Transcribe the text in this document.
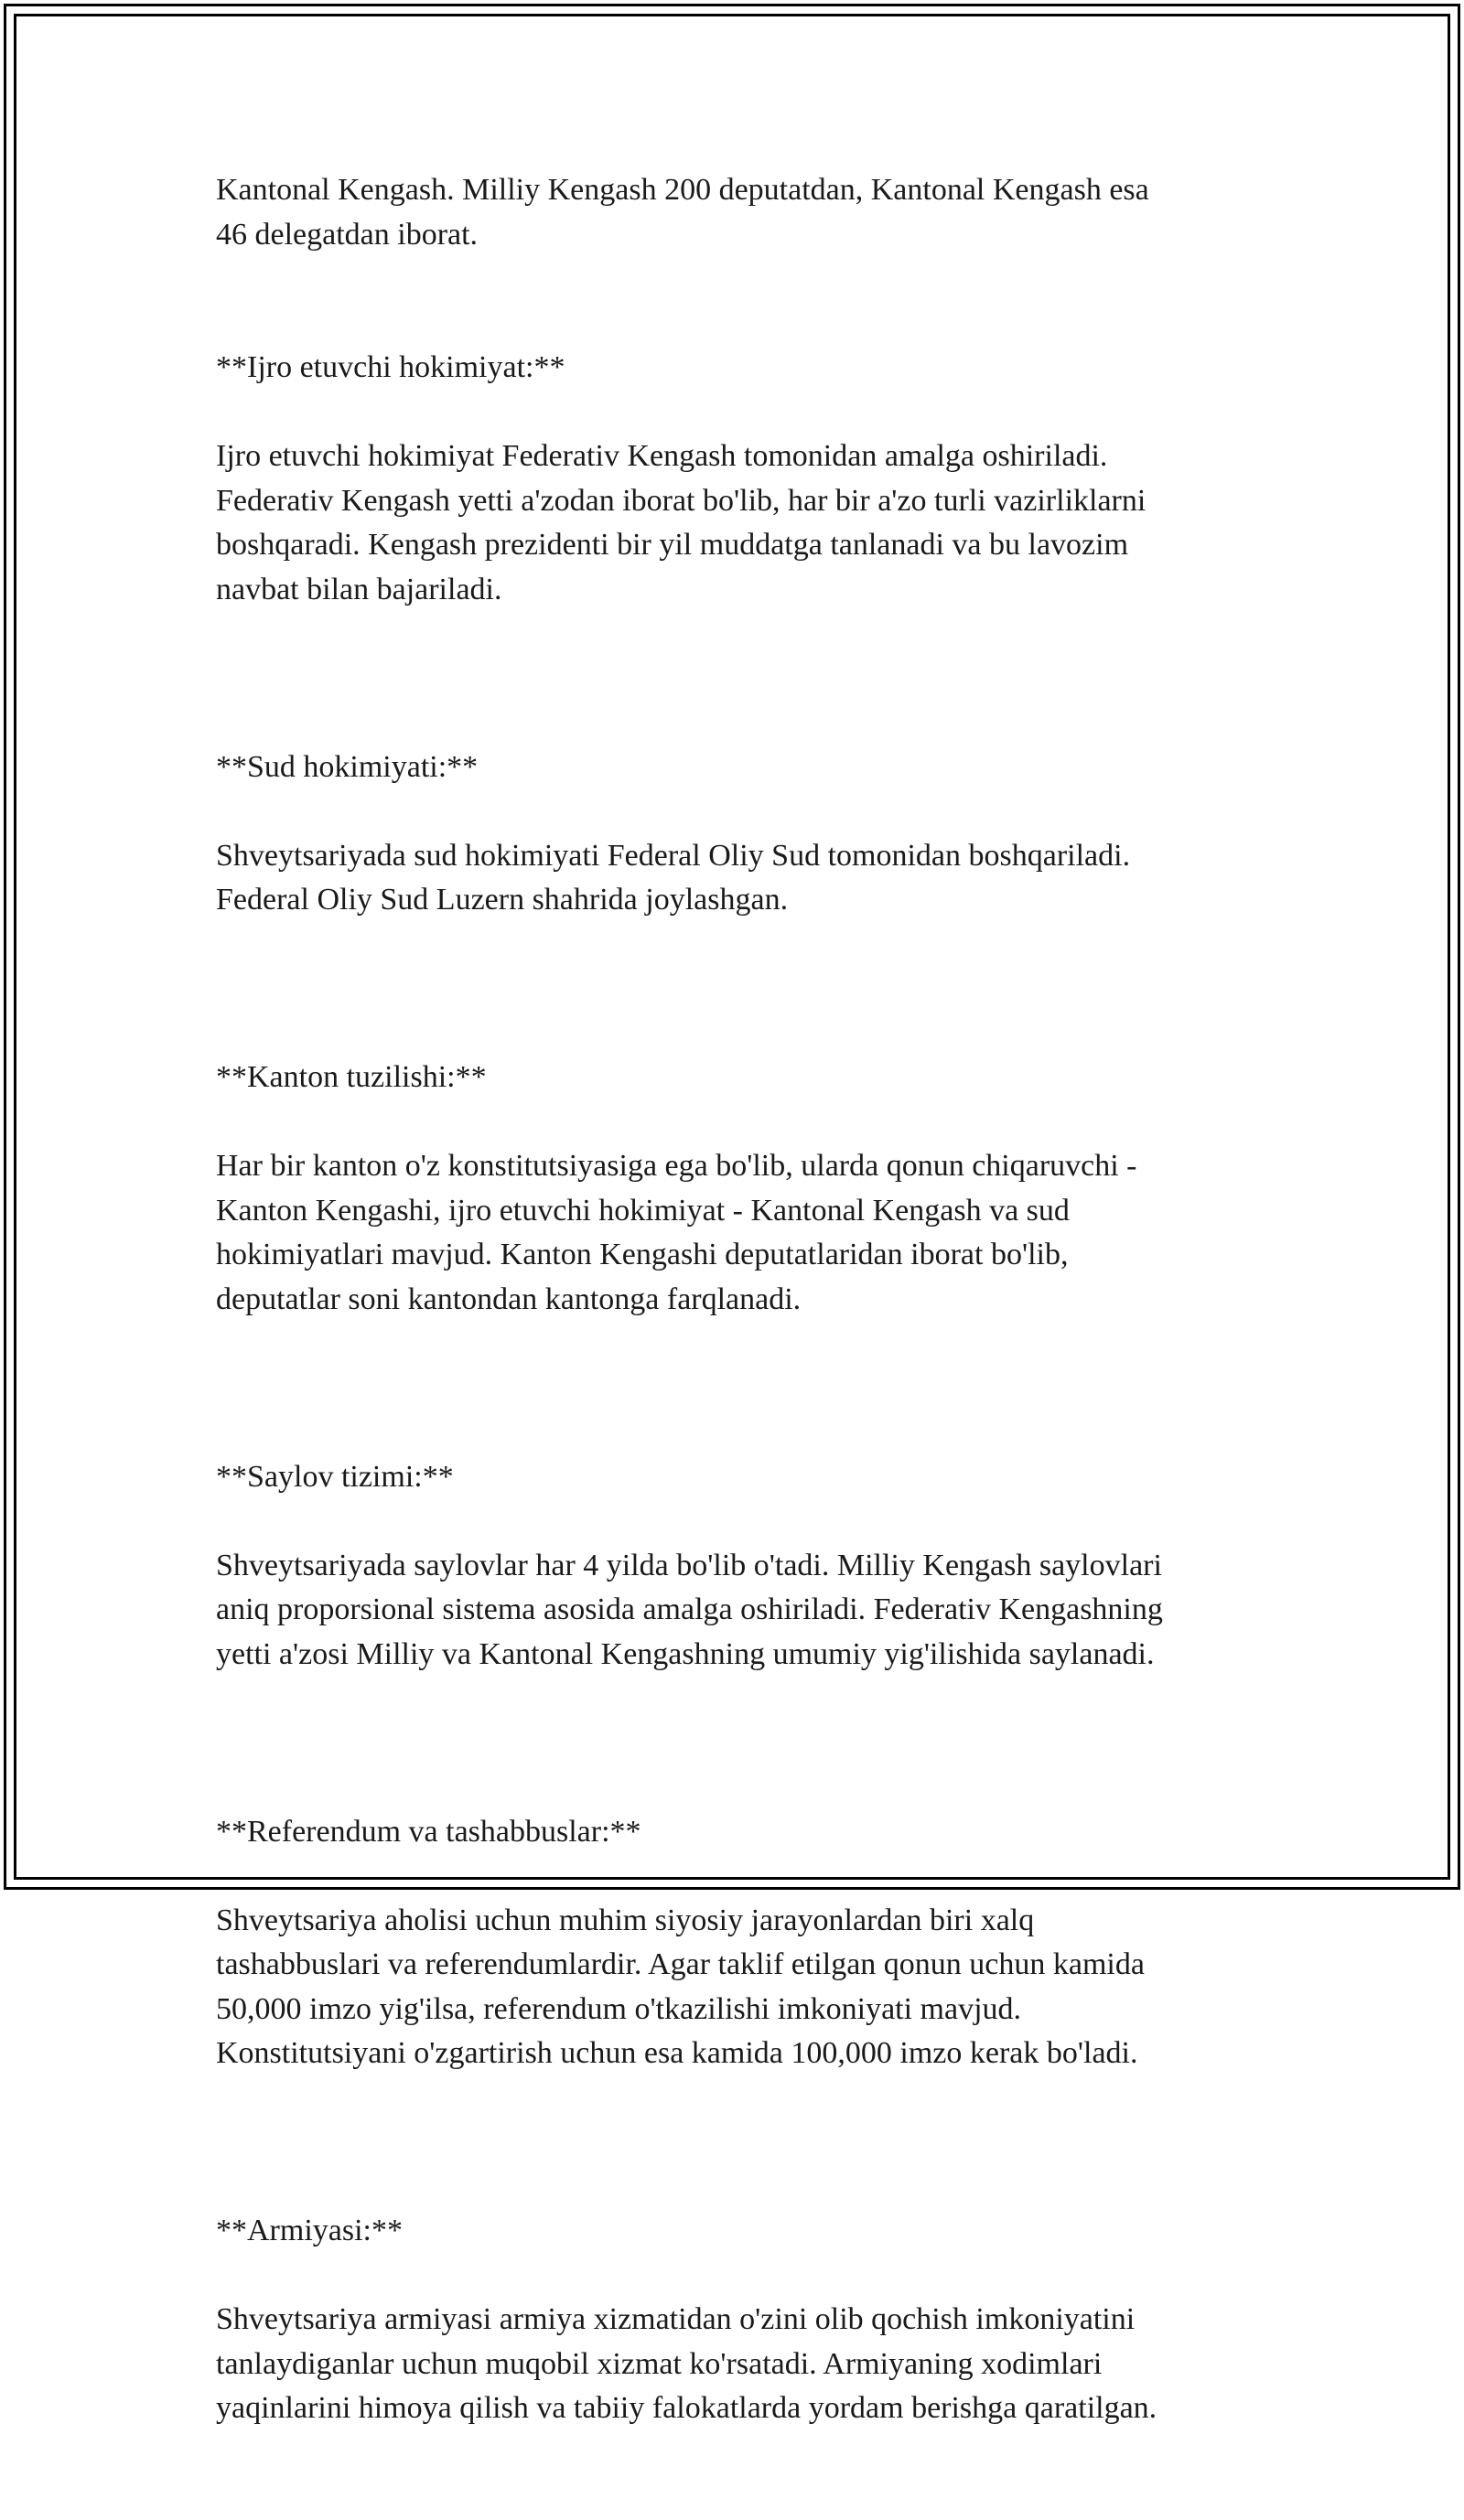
Kantonal Kengash. Milliy Kengash 200 deputatdan, Kantonal Kengash esa
46 delegatdan iborat.

**Ijro etuvchi hokimiyat:**

Ijro etuvchi hokimiyat Federativ Kengash tomonidan amalga oshiriladi.
Federativ Kengash yetti a'zodan iborat bo'lib, har bir a'zo turli vazirliklarni
boshqaradi. Kengash prezidenti bir yil muddatga tanlanadi va bu lavozim
navbat bilan bajariladi.

**Sud hokimiyati:**

Shveytsariyada sud hokimiyati Federal Oliy Sud tomonidan boshqariladi.
Federal Oliy Sud Luzern shahrida joylashgan.

**Kanton tuzilishi:**

Har bir kanton o'z konstitutsiyasiga ega bo'lib, ularda qonun chiqaruvchi -
Kanton Kengashi, ijro etuvchi hokimiyat - Kantonal Kengash va sud
hokimiyatlari mavjud. Kanton Kengashi deputatlaridan iborat bo'lib,
deputatlar soni kantondan kantonga farqlanadi.

**Saylov tizimi:**

Shveytsariyada saylovlar har 4 yilda bo'lib o'tadi. Milliy Kengash saylovlari
aniq proporsional sistema asosida amalga oshiriladi. Federativ Kengashning
yetti a'zosi Milliy va Kantonal Kengashning umumiy yig'ilishida saylanadi.

**Referendum va tashabbuslar:**

Shveytsariya aholisi uchun muhim siyosiy jarayonlardan biri xalq
tashabbuslari va referendumlardir. Agar taklif etilgan qonun uchun kamida
50,000 imzo yig'ilsa, referendum o'tkazilishi imkoniyati mavjud.
Konstitutsiyani o'zgartirish uchun esa kamida 100,000 imzo kerak bo'ladi.

**Armiyasi:**

Shveytsariya armiyasi armiya xizmatidan o'zini olib qochish imkoniyatini
tanlaydiganlar uchun muqobil xizmat ko'rsatadi. Armiyaning xodimlari
yaqinlarini himoya qilish va tabiiy falokatlarda yordam berishga qaratilgan.
